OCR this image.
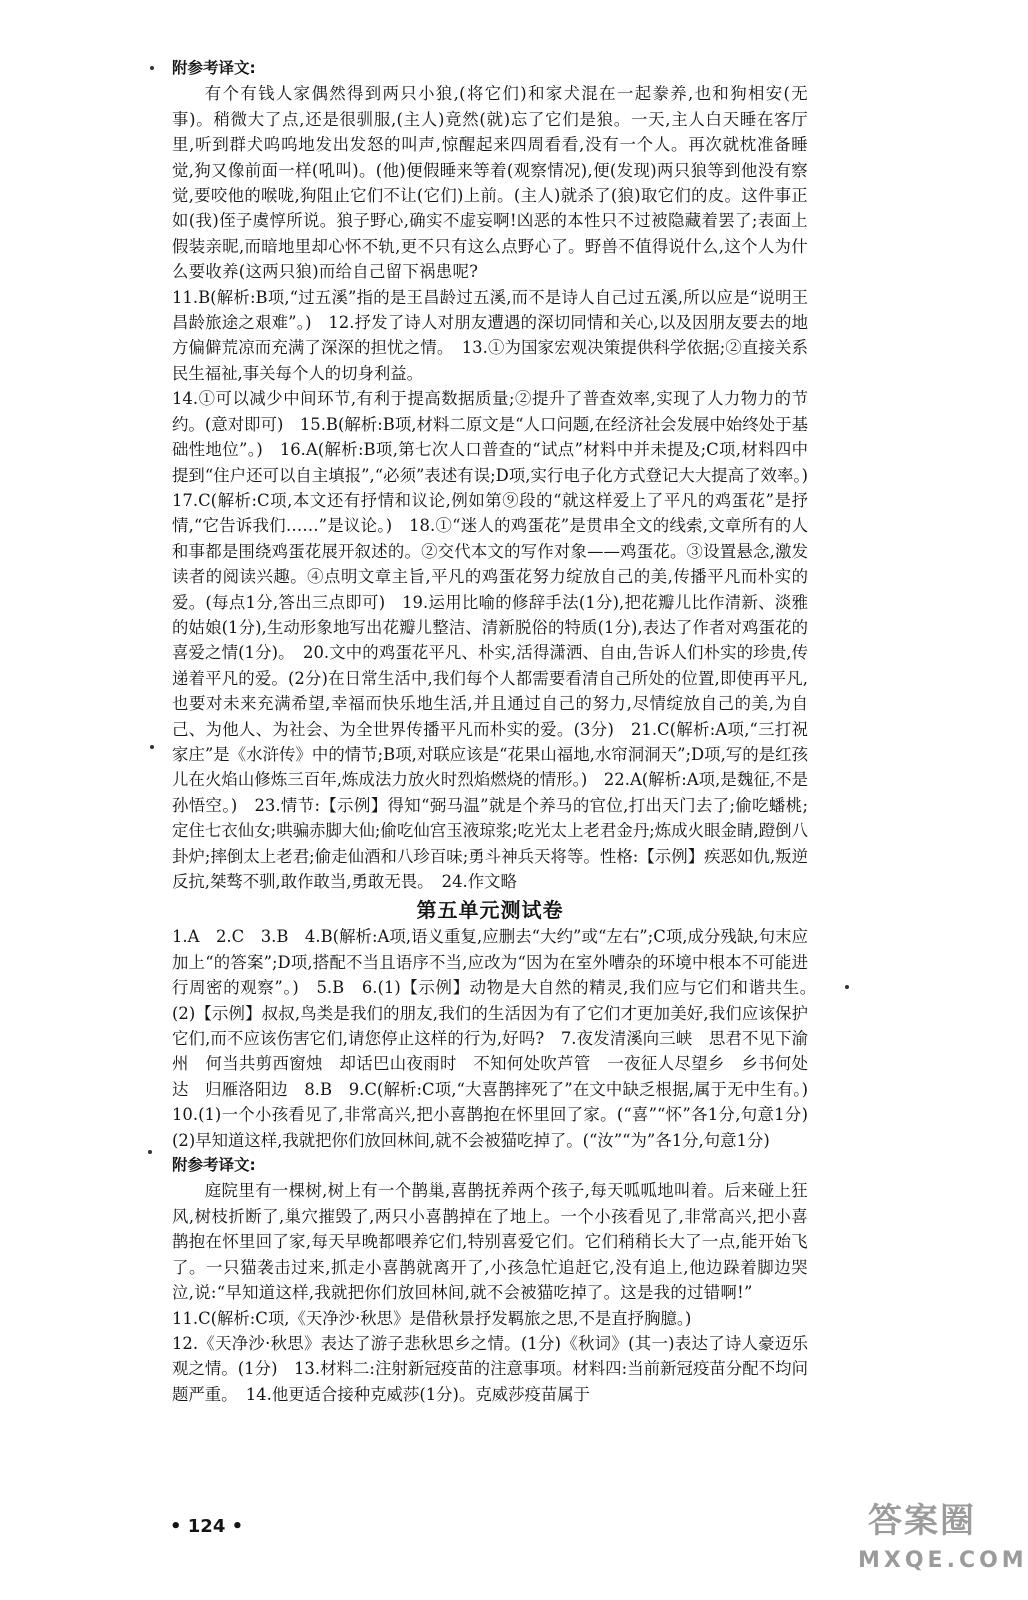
附参考译文:

有个有钱人家偶然得到两只小狼,(将它们)和家犬混在一起豢养,也和狗相安(无事)。稍微大了点,还是很驯服,(主人)竟然(就)忘了它们是狼。一天,主人白天睡在客厅里,听到群犬呜呜地发出发怒的叫声,惊醒起来四周看看,没有一个人。再次就枕准备睡觉,狗又像前面一样(吼叫)。(他)便假睡来等着(观察情况),便(发现)两只狼等到他没有察觉,要咬他的喉咙,狗阻止它们不让(它们)上前。(主人)就杀了(狼)取它们的皮。这件事正如(我)侄子虞惇所说。狼子野心,确实不虚妄啊!凶恶的本性只不过被隐藏着罢了;表面上假装亲昵,而暗地里却心怀不轨,更不只有这么点野心了。野兽不值得说什么,这个人为什么要收养(这两只狼)而给自己留下祸患呢?

11.B(解析:B项,“过五溪”指的是王昌龄过五溪,而不是诗人自己过五溪,所以应是“说明王昌龄旅途之艰难”。)　12.抒发了诗人对朋友遭遇的深切同情和关心,以及因朋友要去的地方偏僻荒凉而充满了深深的担忧之情。　13.①为国家宏观决策提供科学依据;②直接关系民生福祉,事关每个人的切身利益。

14.①可以减少中间环节,有利于提高数据质量;②提升了普查效率,实现了人力物力的节约。(意对即可)　15.B(解析:B项,材料二原文是“人口问题,在经济社会发展中始终处于基础性地位”。)　16.A(解析:B项,第七次人口普查的“试点”材料中并未提及;C项,材料四中提到“住户还可以自主填报”,“必须”表述有误;D项,实行电子化方式登记大大提高了效率。)　17.C(解析:C项,本文还有抒情和议论,例如第⑨段的“就这样爱上了平凡的鸡蛋花”是抒情,“它告诉我们……”是议论。)　18.①“迷人的鸡蛋花”是贯串全文的线索,文章所有的人和事都是围绕鸡蛋花展开叙述的。②交代本文的写作对象——鸡蛋花。③设置悬念,激发读者的阅读兴趣。④点明文章主旨,平凡的鸡蛋花努力绽放自己的美,传播平凡而朴实的爱。(每点1分,答出三点即可)　19.运用比喻的修辞手法(1分),把花瓣儿比作清新、淡雅的姑娘(1分),生动形象地写出花瓣儿整洁、清新脱俗的特质(1分),表达了作者对鸡蛋花的喜爱之情(1分)。　20.文中的鸡蛋花平凡、朴实,活得潇洒、自由,告诉人们朴实的珍贵,传递着平凡的爱。(2分)在日常生活中,我们每个人都需要看清自己所处的位置,即使再平凡,也要对未来充满希望,幸福而快乐地生活,并且通过自己的努力,尽情绽放自己的美,为自己、为他人、为社会、为全世界传播平凡而朴实的爱。(3分)　21.C(解析:A项,“三打祝家庄”是《水浒传》中的情节;B项,对联应该是“花果山福地,水帘洞洞天”;D项,写的是红孩儿在火焰山修炼三百年,炼成法力放火时烈焰燃烧的情形。)　22.A(解析:A项,是魏征,不是孙悟空。)　23.情节:【示例】得知“弼马温”就是个养马的官位,打出天门去了;偷吃蟠桃;定住七衣仙女;哄骗赤脚大仙;偷吃仙宫玉液琼浆;吃光太上老君金丹;炼成火眼金睛,蹬倒八卦炉;摔倒太上老君;偷走仙酒和八珍百味;勇斗神兵天将等。性格:【示例】疾恶如仇,叛逆反抗,桀骜不驯,敢作敢当,勇敢无畏。　24.作文略

第五单元测试卷

1.A　2.C　3.B　4.B(解析:A项,语义重复,应删去“大约”或“左右”;C项,成分残缺,句末应加上“的答案”;D项,搭配不当且语序不当,应改为“因为在室外嘈杂的环境中根本不可能进行周密的观察”。)　5.B　6.(1)【示例】动物是大自然的精灵,我们应与它们和谐共生。　(2)【示例】叔叔,鸟类是我们的朋友,我们的生活因为有了它们才更加美好,我们应该保护它们,而不应该伤害它们,请您停止这样的行为,好吗?　7.夜发清溪向三峡　思君不见下渝州　何当共剪西窗烛　却话巴山夜雨时　不知何处吹芦管　一夜征人尽望乡　乡书何处达　归雁洛阳边　8.B　9.C(解析:C项,“大喜鹊摔死了”在文中缺乏根据,属于无中生有。)　10.(1)一个小孩看见了,非常高兴,把小喜鹊抱在怀里回了家。(“喜”“怀”各1分,句意1分)　(2)早知道这样,我就把你们放回林间,就不会被猫吃掉了。(“汝”“为”各1分,句意1分)

附参考译文:

庭院里有一棵树,树上有一个鹊巢,喜鹊抚养两个孩子,每天呱呱地叫着。后来碰上狂风,树枝折断了,巢穴摧毁了,两只小喜鹊掉在了地上。一个小孩看见了,非常高兴,把小喜鹊抱在怀里回了家,每天早晚都喂养它们,特别喜爱它们。它们稍稍长大了一点,能开始飞了。一只猫袭击过来,抓走小喜鹊就离开了,小孩急忙追赶它,没有追上,他边跺着脚边哭泣,说:“早知道这样,我就把你们放回林间,就不会被猫吃掉了。这是我的过错啊!”

11.C(解析:C项,《天净沙·秋思》是借秋景抒发羁旅之思,不是直抒胸臆。)

12.《天净沙·秋思》表达了游子悲秋思乡之情。(1分)《秋词》(其一)表达了诗人豪迈乐观之情。(1分)　13.材料二:注射新冠疫苗的注意事项。材料四:当前新冠疫苗分配不均问题严重。　14.他更适合接种克威莎(1分)。克威莎疫苗属于

• 124 •	答案圈
MXQE.COM
